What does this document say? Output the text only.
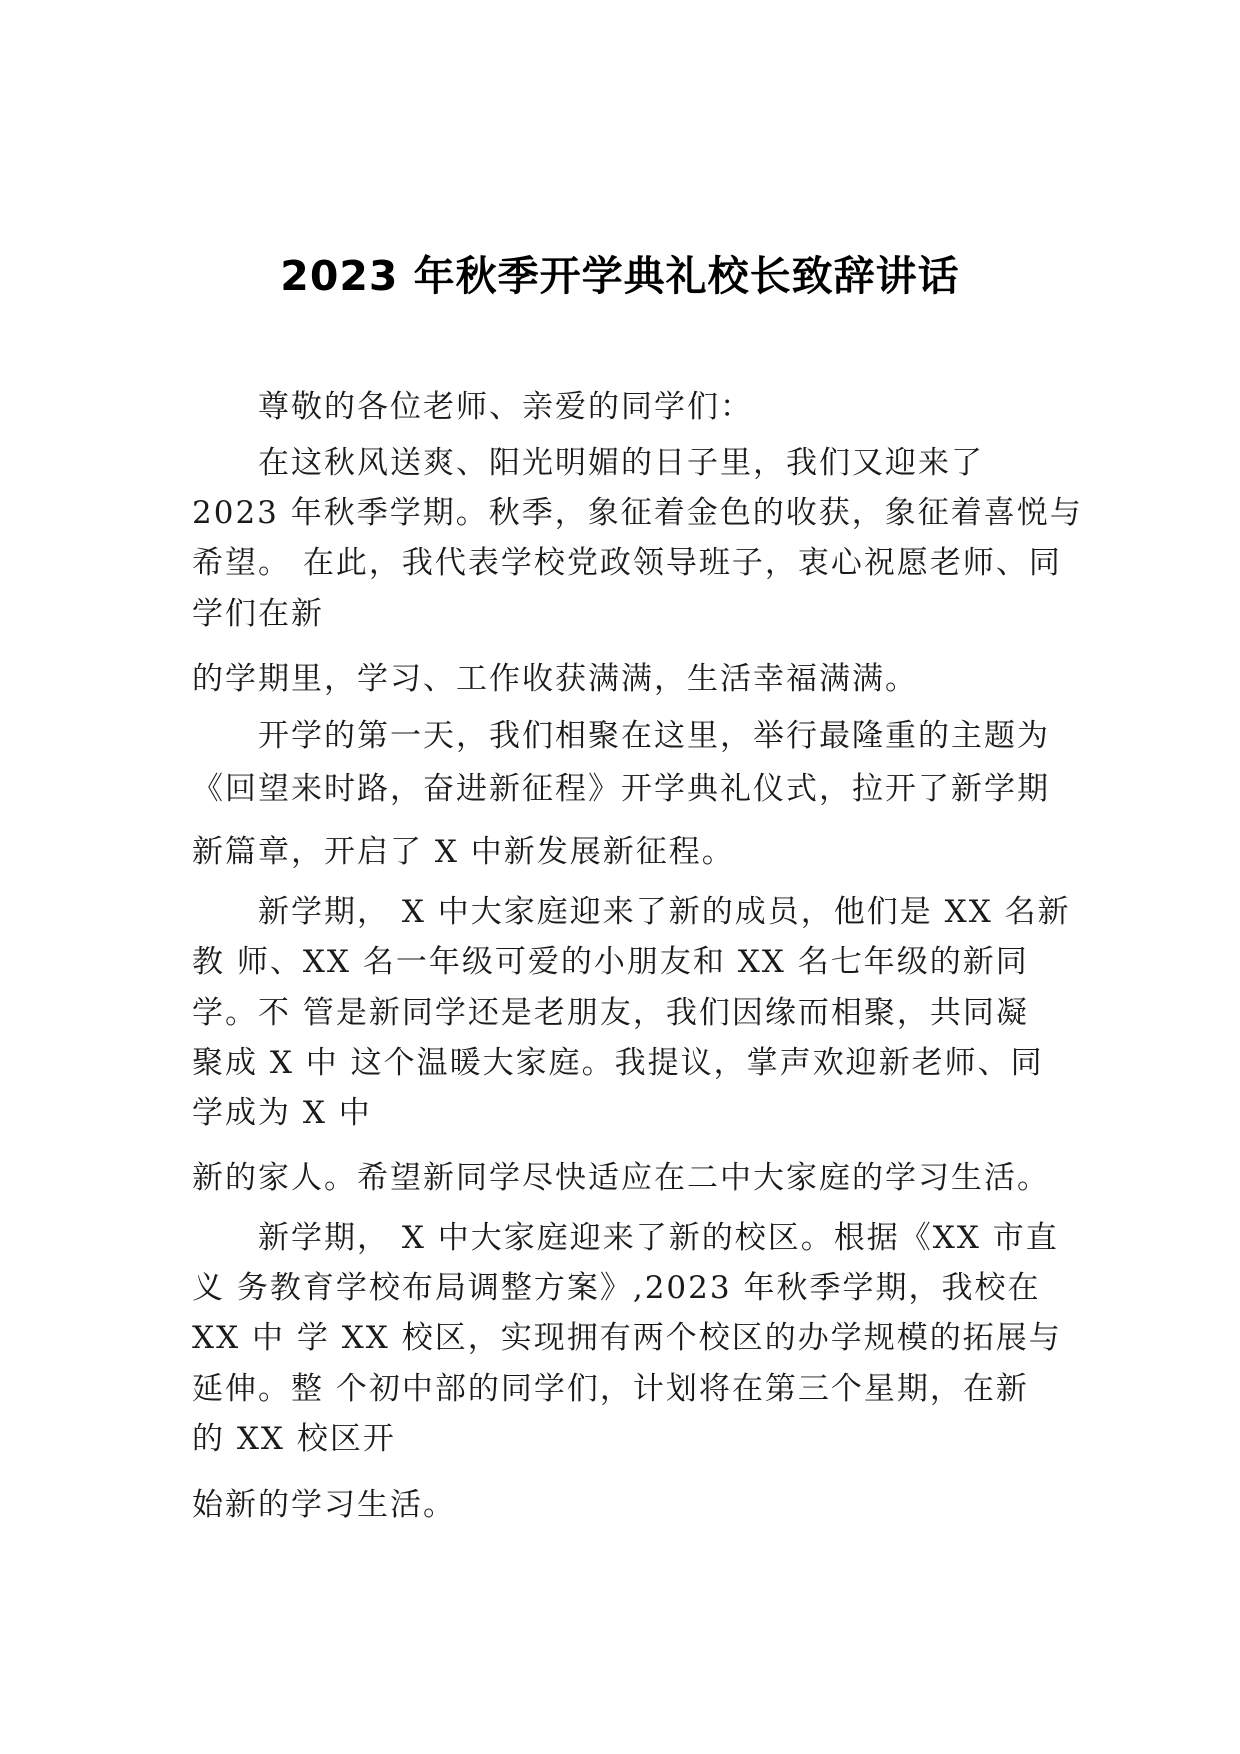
2023 年秋季开学典礼校长致辞讲话
尊敬的各位老师、亲爱的同学们：
在这秋风送爽、阳光明媚的日子里，我们又迎来了
2023 年秋季学期。秋季，象征着金色的收获，象征着喜悦与
希望。 在此，我代表学校党政领导班子，衷心祝愿老师、同
学们在新
的学期里，学习、工作收获满满，生活幸福满满。
开学的第一天，我们相聚在这里，举行最隆重的主题为
《回望来时路，奋进新征程》开学典礼仪式，拉开了新学期
新篇章，开启了 X 中新发展新征程。
新学期， X 中大家庭迎来了新的成员，他们是 XX 名新
教 师、XX 名一年级可爱的小朋友和 XX 名七年级的新同
学。不 管是新同学还是老朋友，我们因缘而相聚，共同凝
聚成 X 中 这个温暖大家庭。我提议，掌声欢迎新老师、同
学成为 X 中
新的家人。希望新同学尽快适应在二中大家庭的学习生活。
新学期， X 中大家庭迎来了新的校区。根据《XX 市直
义 务教育学校布局调整方案》,2023 年秋季学期，我校在
XX 中 学 XX 校区，实现拥有两个校区的办学规模的拓展与
延伸。整 个初中部的同学们，计划将在第三个星期，在新
的 XX 校区开
始新的学习生活。
